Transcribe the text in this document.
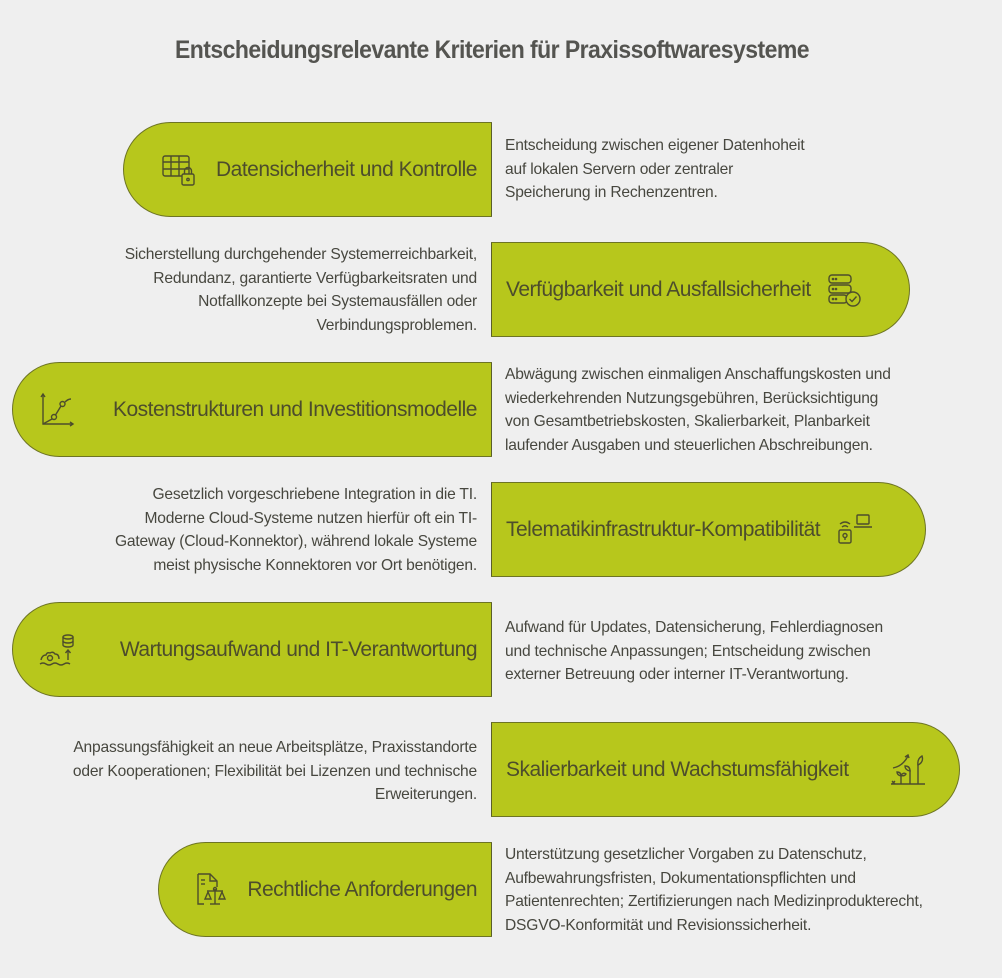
Entscheidungsrelevante Kriterien für Praxissoftwaresysteme
Datensicherheit und Kontrolle
Entscheidung zwischen eigener Datenhoheit
auf lokalen Servern oder zentraler
Speicherung in Rechenzentren.
Sicherstellung durchgehender Systemerreichbarkeit,
Redundanz, garantierte Verfügbarkeitsraten und
Notfallkonzepte bei Systemausfällen oder
Verbindungsproblemen.
Verfügbarkeit und Ausfallsicherheit
Kostenstrukturen und Investitionsmodelle
Abwägung zwischen einmaligen Anschaffungskosten und
wiederkehrenden Nutzungsgebühren, Berücksichtigung
von Gesamtbetriebskosten, Skalierbarkeit, Planbarkeit
laufender Ausgaben und steuerlichen Abschreibungen.
Gesetzlich vorgeschriebene Integration in die TI.
Moderne Cloud-Systeme nutzen hierfür oft ein TI-
Gateway (Cloud-Konnektor), während lokale Systeme
meist physische Konnektoren vor Ort benötigen.
Telematikinfrastruktur-Kompatibilität
Wartungsaufwand und IT-Verantwortung
Aufwand für Updates, Datensicherung, Fehlerdiagnosen
und technische Anpassungen; Entscheidung zwischen
externer Betreuung oder interner IT-Verantwortung.
Anpassungsfähigkeit an neue Arbeitsplätze, Praxisstandorte
oder Kooperationen; Flexibilität bei Lizenzen und technische
Erweiterungen.
Skalierbarkeit und Wachstumsfähigkeit
Rechtliche Anforderungen
Unterstützung gesetzlicher Vorgaben zu Datenschutz,
Aufbewahrungsfristen, Dokumentationspflichten und
Patientenrechten; Zertifizierungen nach Medizinprodukterecht,
DSGVO-Konformität und Revisionssicherheit.
